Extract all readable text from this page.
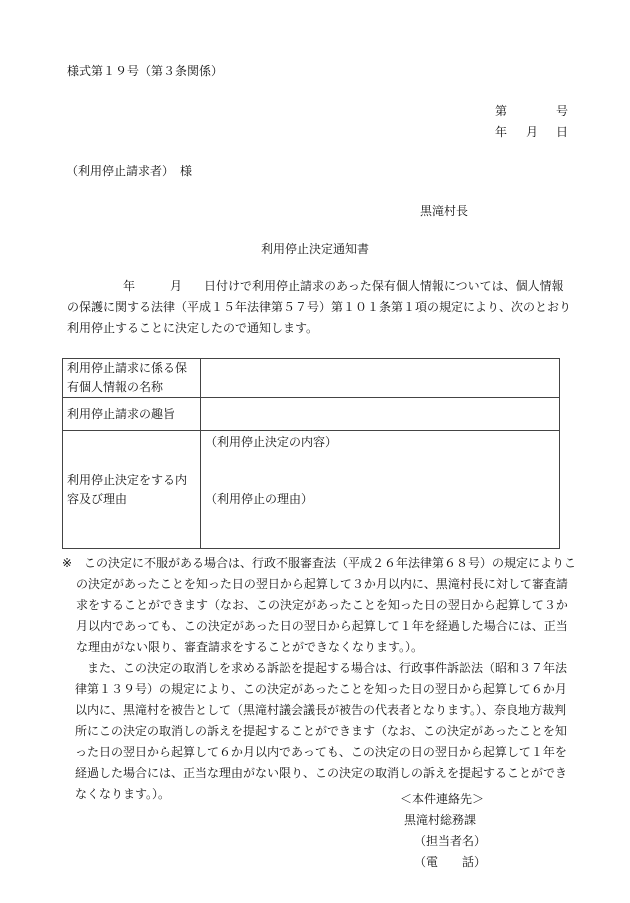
様式第１９号（第３条関係）
第	号
年 月 日
（利用停止請求者）　様
黒滝村長
利用停止決定通知書
年	月 日付けで利用停止請求のあった保有個人情報については、個人情報の保護に関する法律（平成１５年法律第５７号）第１０１条第１項の規定により、次のとおり利用停止することに決定したので通知します。
利用停止請求に係る保有個人情報の名称	
利用停止請求の趣旨	
利用停止決定をする内容及び理由	（利用停止決定の内容）
（利用停止の理由）

※　この決定に不服がある場合は、行政不服審査法（平成２６年法律第６８号）の規定によりこの決定があったことを知った日の翌日から起算して３か月以内に、黒滝村長に対して審査請求をすることができます（なお、この決定があったことを知った日の翌日から起算して３か月以内であっても、この決定があった日の翌日から起算して１年を経過した場合には、正当な理由がない限り、審査請求をすることができなくなります。）。

また、この決定の取消しを求める訴訟を提起する場合は、行政事件訴訟法（昭和３７年法律第１３９号）の規定により、この決定があったことを知った日の翌日から起算して６か月以内に、黒滝村を被告として（黒滝村議会議長が被告の代表者となります。）、奈良地方裁判所にこの決定の取消しの訴えを提起することができます（なお、この決定があったことを知った日の翌日から起算して６か月以内であっても、この決定の日の翌日から起算して１年を経過した場合には、正当な理由がない限り、この決定の取消しの訴えを提起することができなくなります。）。	＜本件連絡先＞
黒滝村総務課
（担当者名）
（電　　話）
